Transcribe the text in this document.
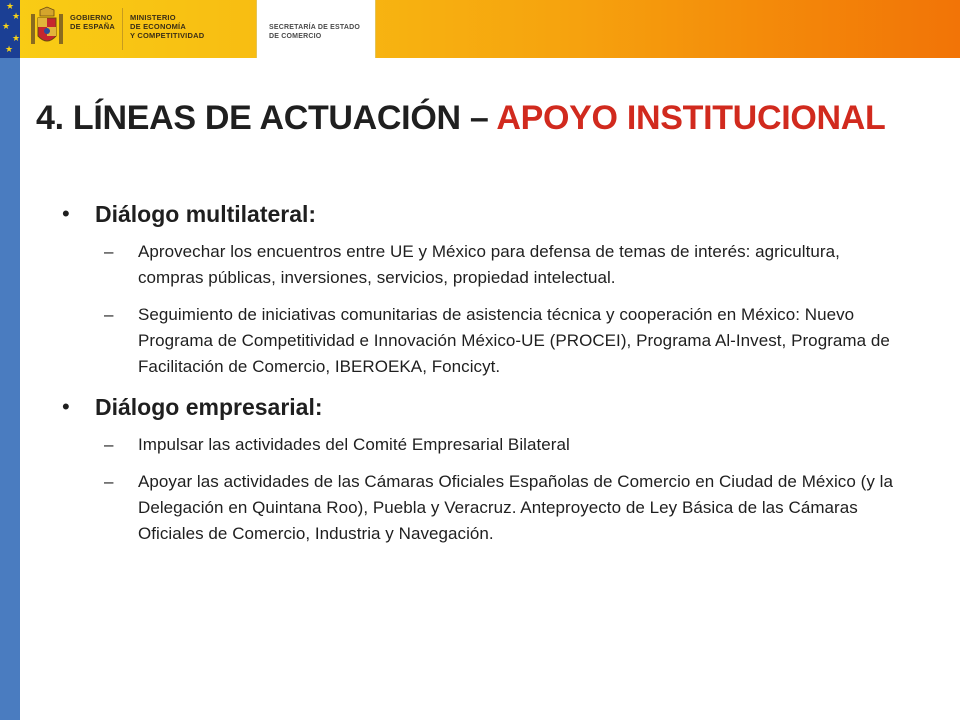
★
★
★
★
★
GOBIERNO
DE ESPAÑA
MINISTERIO
DE ECONOMÍA
Y COMPETITIVIDAD
SECRETARÍA DE ESTADO
DE COMERCIO
4. LÍNEAS DE ACTUACIÓN – APOYO INSTITUCIONAL
• Diálogo multilateral:
– Aprovechar los encuentros entre UE y México para defensa de temas de interés: agricultura, compras públicas, inversiones, servicios, propiedad intelectual.
– Seguimiento de iniciativas comunitarias de asistencia técnica y cooperación en México: Nuevo Programa de Competitividad e Innovación México-UE (PROCEI), Programa Al-Invest, Programa de Facilitación de Comercio, IBEROEKA, Foncicyt.
• Diálogo empresarial:
– Impulsar las actividades del Comité Empresarial Bilateral
– Apoyar las actividades de las Cámaras Oficiales Españolas de Comercio en Ciudad de México (y la Delegación en Quintana Roo), Puebla y Veracruz. Anteproyecto de Ley Básica de las Cámaras Oficiales de Comercio, Industria y Navegación.
